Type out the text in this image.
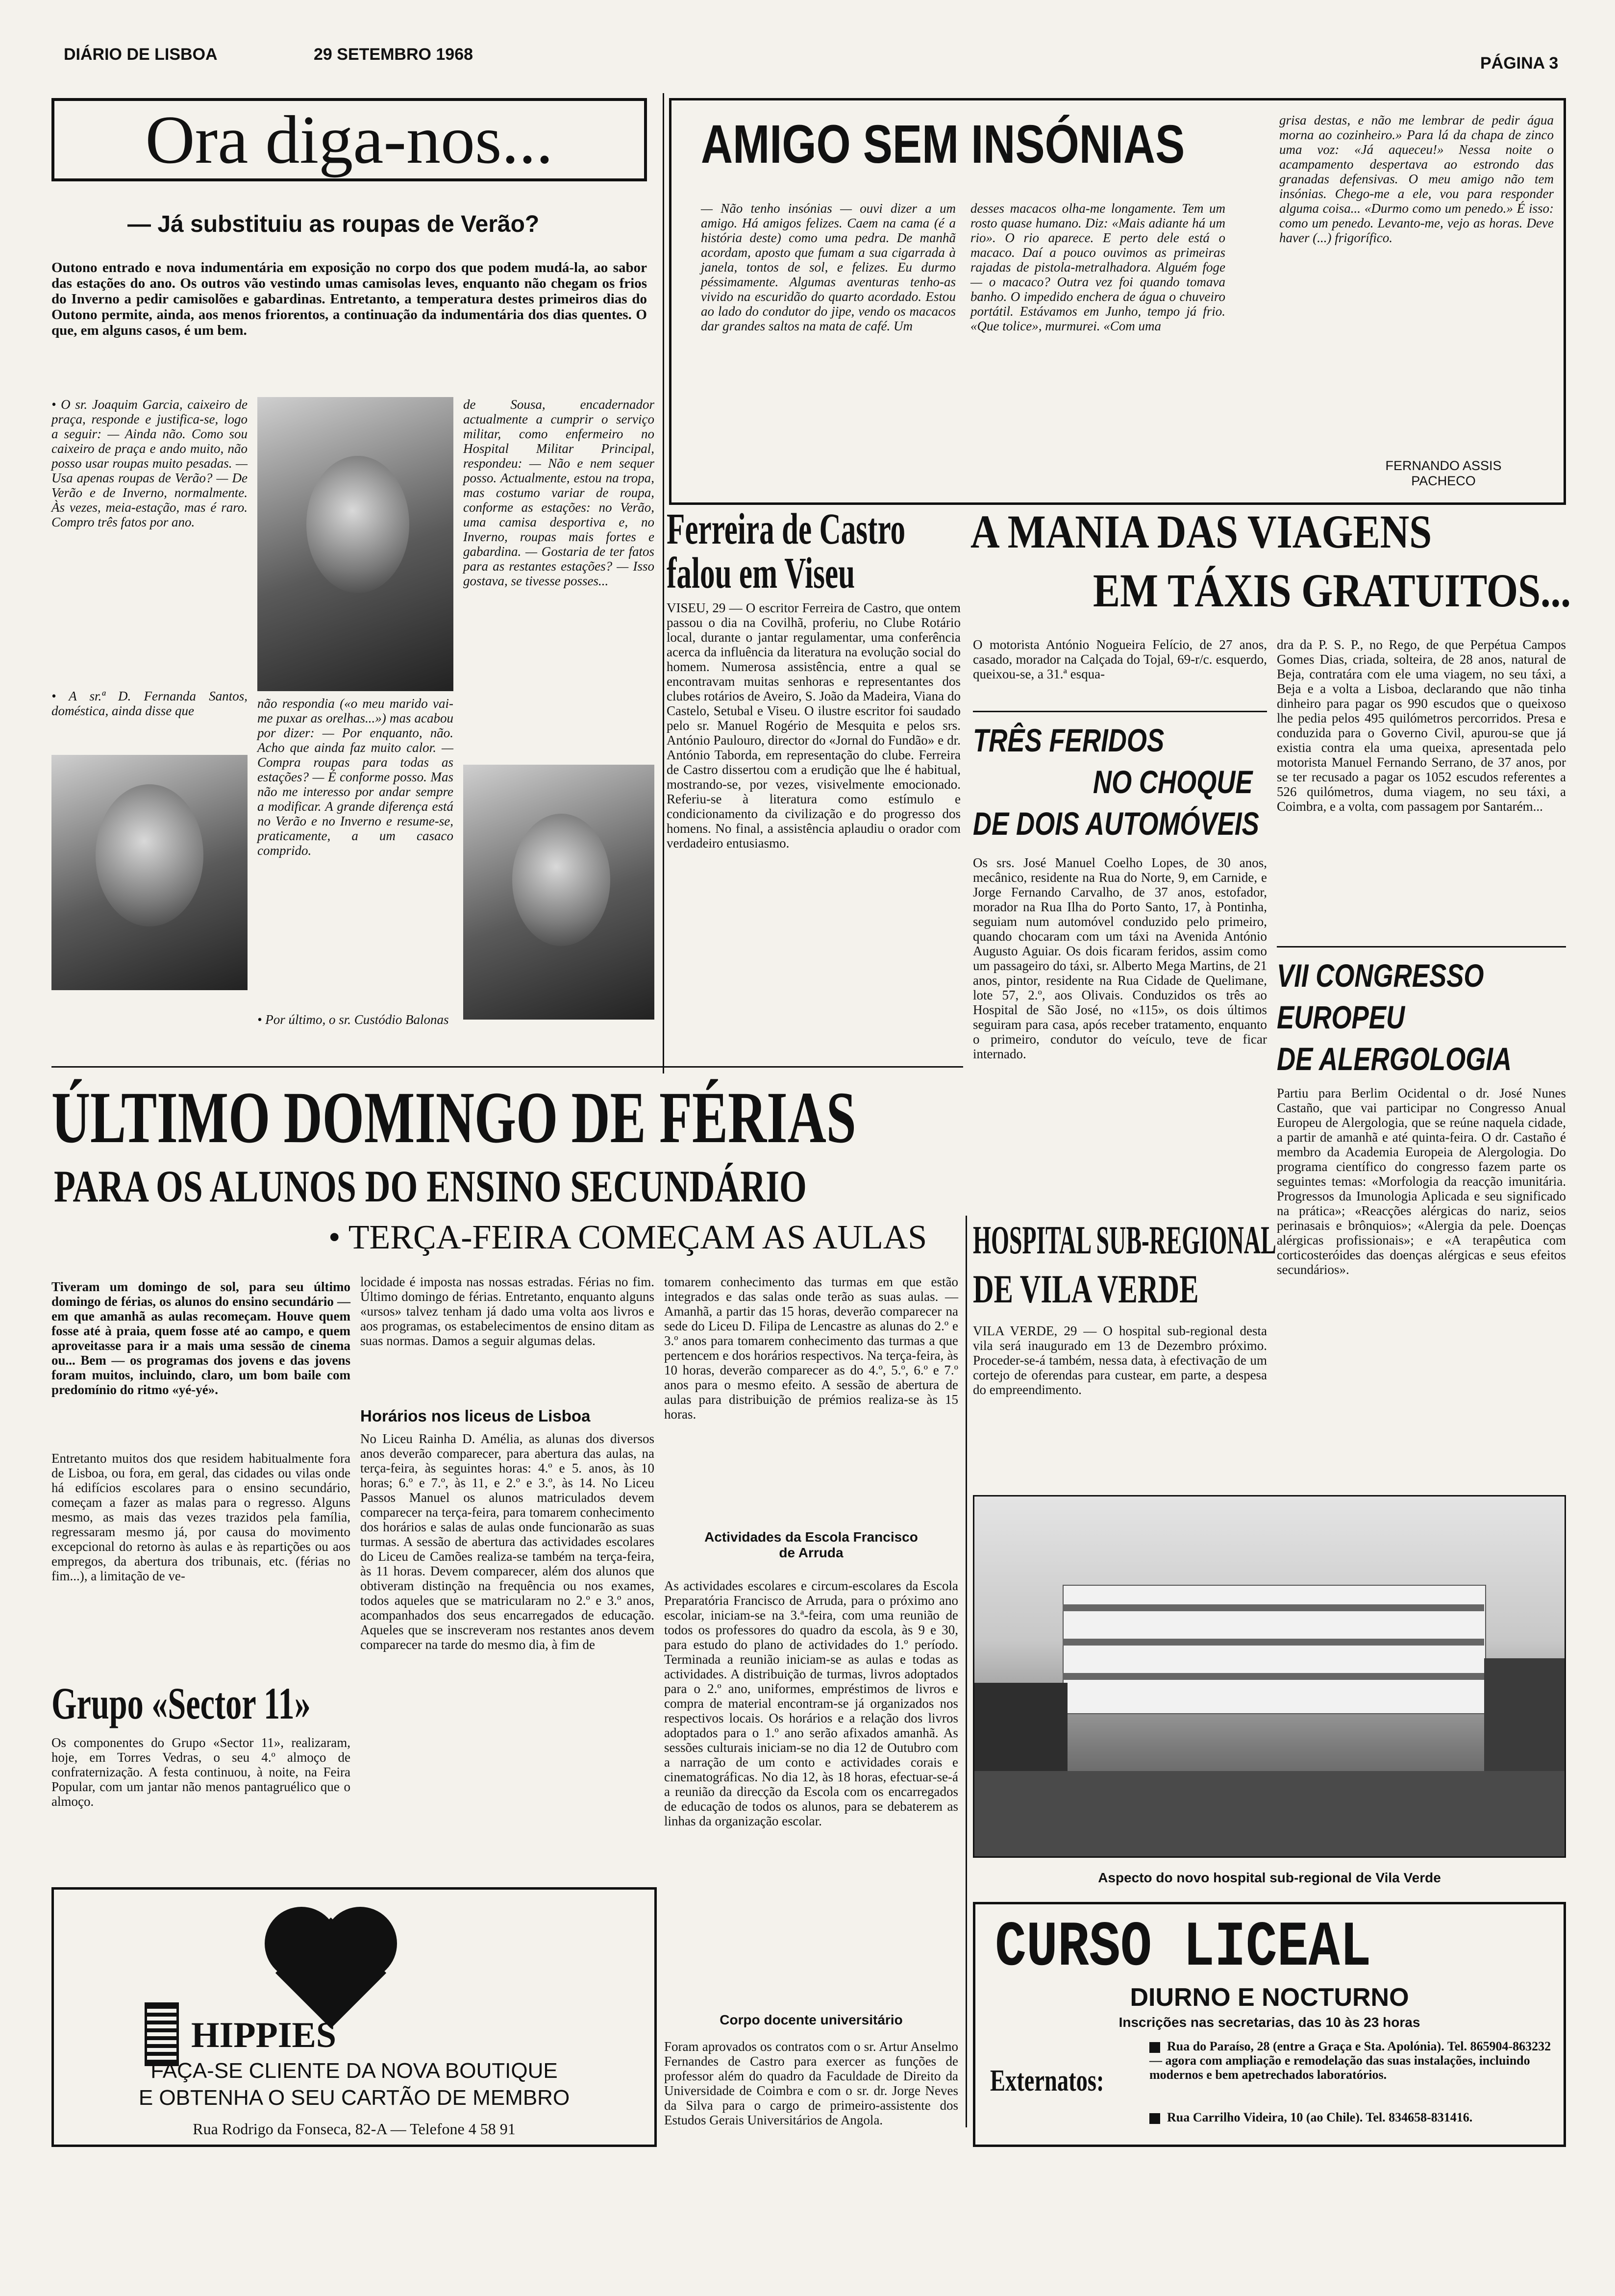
DIÁRIO DE LISBOA	29 SETEMBRO 1968	PÁGINA 3
Ora diga-nos...
— Já substituiu as roupas de Verão?
Outono entrado e nova indumentária em exposição no corpo dos que podem mudá-la, ao sabor das estações do ano. Os outros vão vestindo umas camisolas leves, enquanto não chegam os frios do Inverno a pedir camisolões e gabardinas. Entretanto, a temperatura destes primeiros dias do Outono permite, ainda, aos menos friorentos, a continuação da indumentária dos dias quentes. O que, em alguns casos, é um bem.
• O sr. Joaquim Garcia, caixeiro de praça, responde e justifica-se, logo a seguir: — Ainda não. Como sou caixeiro de praça e ando muito, não posso usar roupas muito pesadas. — Usa apenas roupas de Verão? — De Verão e de Inverno, normalmente. Às vezes, meia-estação, mas é raro. Compro três fatos por ano.
• A sr.ª D. Fernanda Santos, doméstica, ainda disse que	não respondia («o meu marido vai-me puxar as orelhas...») mas acabou por dizer: — Por enquanto, não. Acho que ainda faz muito calor. — Compra roupas para todas as estações? — É conforme posso. Mas não me interesso por andar sempre a modificar. A grande diferença está no Verão e no Inverno e resume-se, praticamente, a um casaco comprido.
• Por último, o sr. Custódio Balonas
de Sousa, encadernador actualmente a cumprir o serviço militar, como enfermeiro no Hospital Militar Principal, respondeu: — Não e nem sequer posso. Actualmente, estou na tropa, mas costumo variar de roupa, conforme as estações: no Verão, uma camisa desportiva e, no Inverno, roupas mais fortes e gabardina. — Gostaria de ter fatos para as restantes estações? — Isso gostava, se tivesse posses...
AMIGO SEM INSÓNIAS
— Não tenho insónias — ouvi dizer a um amigo. Há amigos felizes. Caem na cama (é a história deste) como uma pedra. De manhã acordam, aposto que fumam a sua cigarrada à janela, tontos de sol, e felizes. Eu durmo péssimamente. Algumas aventuras tenho-as vivido na escuridão do quarto acordado. Estou ao lado do condutor do jipe, vendo os macacos dar grandes saltos na mata de café. Um
desses macacos olha-me longamente. Tem um rosto quase humano. Diz: «Mais adiante há um rio». O rio aparece. E perto dele está o macaco. Daí a pouco ouvimos as primeiras rajadas de pistola-metralhadora. Alguém foge — o macaco? Outra vez foi quando tomava banho. O impedido enchera de água o chuveiro portátil. Estávamos em Junho, tempo já frio. «Que tolice», murmurei. «Com uma
grisa destas, e não me lembrar de pedir água morna ao cozinheiro.» Para lá da chapa de zinco uma voz: «Já aqueceu!» Nessa noite o acampamento despertava ao estrondo das granadas defensivas. O meu amigo não tem insónias. Chego-me a ele, vou para responder alguma coisa... «Durmo como um penedo.» É isso: como um penedo. Levanto-me, vejo as horas. Deve haver (...) frigorífico.
FERNANDO ASSIS PACHECO
Ferreira de Castro
falou em Viseu
VISEU, 29 — O escritor Ferreira de Castro, que ontem passou o dia na Covilhã, proferiu, no Clube Rotário local, durante o jantar regulamentar, uma conferência acerca da influência da literatura na evolução social do homem. Numerosa assistência, entre a qual se encontravam muitas senhoras e representantes dos clubes rotários de Aveiro, S. João da Madeira, Viana do Castelo, Setubal e Viseu. O ilustre escritor foi saudado pelo sr. Manuel Rogério de Mesquita e pelos srs. António Paulouro, director do «Jornal do Fundão» e dr. António Taborda, em representação do clube. Ferreira de Castro dissertou com a erudição que lhe é habitual, mostrando-se, por vezes, visivelmente emocionado. Referiu-se à literatura como estímulo e condicionamento da civilização e do progresso dos homens. No final, a assistência aplaudiu o orador com verdadeiro entusiasmo.
A MANIA DAS VIAGENS
EM TÁXIS GRATUITOS...
O motorista António Nogueira Felício, de 27 anos, casado, morador na Calçada do Tojal, 69-r/c. esquerdo, queixou-se, a 31.ª esqua-
dra da P. S. P., no Rego, de que Perpétua Campos Gomes Dias, criada, solteira, de 28 anos, natural de Beja, contratára com ele uma viagem, no seu táxi, a Beja e a volta a Lisboa, declarando que não tinha dinheiro para pagar os 990 escudos que o queixoso lhe pedia pelos 495 quilómetros percorridos. Presa e conduzida para o Governo Civil, apurou-se que já existia contra ela uma queixa, apresentada pelo motorista Manuel Fernando Serrano, de 37 anos, por se ter recusado a pagar os 1052 escudos referentes a 526 quilómetros, duma viagem, no seu táxi, a Coimbra, e a volta, com passagem por Santarém...
TRÊS FERIDOS
NO CHOQUE
DE DOIS AUTOMÓVEIS
Os srs. José Manuel Coelho Lopes, de 30 anos, mecânico, residente na Rua do Norte, 9, em Carnide, e Jorge Fernando Carvalho, de 37 anos, estofador, morador na Rua Ilha do Porto Santo, 17, à Pontinha, seguiam num automóvel conduzido pelo primeiro, quando chocaram com um táxi na Avenida António Augusto Aguiar. Os dois ficaram feridos, assim como um passageiro do táxi, sr. Alberto Mega Martins, de 21 anos, pintor, residente na Rua Cidade de Quelimane, lote 57, 2.º, aos Olivais. Conduzidos os três ao Hospital de São José, no «115», os dois últimos seguiram para casa, após receber tratamento, enquanto o primeiro, condutor do veículo, teve de ficar internado.
VII CONGRESSO
EUROPEU
DE ALERGOLOGIA
Partiu para Berlim Ocidental o dr. José Nunes Castaño, que vai participar no Congresso Anual Europeu de Alergologia, que se reúne naquela cidade, a partir de amanhã e até quinta-feira. O dr. Castaño é membro da Academia Europeia de Alergologia. Do programa científico do congresso fazem parte os seguintes temas: «Morfologia da reacção imunitária. Progressos da Imunologia Aplicada e seu significado na prática»; «Reacções alérgicas do nariz, seios perinasais e brônquios»; «Alergia da pele. Doenças alérgicas profissionais»; e «A terapêutica com corticosteróides das doenças alérgicas e seus efeitos secundários».
ÚLTIMO DOMINGO DE FÉRIAS
PARA OS ALUNOS DO ENSINO SECUNDÁRIO
• TERÇA-FEIRA COMEÇAM AS AULAS
Tiveram um domingo de sol, para seu último domingo de férias, os alunos do ensino secundário — em que amanhã as aulas recomeçam. Houve quem fosse até à praia, quem fosse até ao campo, e quem aproveitasse para ir a mais uma sessão de cinema ou... Bem — os programas dos jovens e das jovens foram muitos, incluindo, claro, um bom baile com predomínio do ritmo «yé-yé».
Entretanto muitos dos que residem habitualmente fora de Lisboa, ou fora, em geral, das cidades ou vilas onde há edifícios escolares para o ensino secundário, começam a fazer as malas para o regresso. Alguns mesmo, as mais das vezes trazidos pela família, regressaram mesmo já, por causa do movimento excepcional do retorno às aulas e às repartições ou aos empregos, da abertura dos tribunais, etc. (férias no fim...), a limitação de ve-
locidade é imposta nas nossas estradas. Férias no fim. Último domingo de férias. Entretanto, enquanto alguns «ursos» talvez tenham já dado uma volta aos livros e aos programas, os estabelecimentos de ensino ditam as suas normas. Damos a seguir algumas delas.
Horários nos liceus de Lisboa
No Liceu Rainha D. Amélia, as alunas dos diversos anos deverão comparecer, para abertura das aulas, na terça-feira, às seguintes horas: 4.º e 5. anos, às 10 horas; 6.º e 7.º, às 11, e 2.º e 3.º, às 14. No Liceu Passos Manuel os alunos matriculados devem comparecer na terça-feira, para tomarem conhecimento dos horários e salas de aulas onde funcionarão as suas turmas. A sessão de abertura das actividades escolares do Liceu de Camões realiza-se também na terça-feira, às 11 horas. Devem comparecer, além dos alunos que obtiveram distinção na frequência ou nos exames, todos aqueles que se matricularam no 2.º e 3.º anos, acompanhados dos seus encarregados de educação. Aqueles que se inscreveram nos restantes anos devem comparecer na tarde do mesmo dia, à fim de
tomarem conhecimento das turmas em que estão integrados e das salas onde terão as suas aulas. — Amanhã, a partir das 15 horas, deverão comparecer na sede do Liceu D. Filipa de Lencastre as alunas do 2.º e 3.º anos para tomarem conhecimento das turmas a que pertencem e dos horários respectivos. Na terça-feira, às 10 horas, deverão comparecer as do 4.º, 5.º, 6.º e 7.º anos para o mesmo efeito. A sessão de abertura de aulas para distribuição de prémios realiza-se às 15 horas.
Actividades da Escola Francisco de Arruda
As actividades escolares e circum-escolares da Escola Preparatória Francisco de Arruda, para o próximo ano escolar, iniciam-se na 3.ª-feira, com uma reunião de todos os professores do quadro da escola, às 9 e 30, para estudo do plano de actividades do 1.º período. Terminada a reunião iniciam-se as aulas e todas as actividades. A distribuição de turmas, livros adoptados para o 2.º ano, uniformes, empréstimos de livros e compra de material encontram-se já organizados nos respectivos locais. Os horários e a relação dos livros adoptados para o 1.º ano serão afixados amanhã. As sessões culturais iniciam-se no dia 12 de Outubro com a narração de um conto e actividades corais e cinematográficas. No dia 12, às 18 horas, efectuar-se-á a reunião da direcção da Escola com os encarregados de educação de todos os alunos, para se debaterem as linhas da organização escolar.
Corpo docente universitário
Foram aprovados os contratos com o sr. Artur Anselmo Fernandes de Castro para exercer as funções de professor além do quadro da Faculdade de Direito da Universidade de Coimbra e com o sr. dr. Jorge Neves da Silva para o cargo de primeiro-assistente dos Estudos Gerais Universitários de Angola.
HOSPITAL SUB-REGIONAL
DE VILA VERDE
VILA VERDE, 29 — O hospital sub-regional desta vila será inaugurado em 13 de Dezembro próximo. Proceder-se-á também, nessa data, à efectivação de um cortejo de oferendas para custear, em parte, a despesa do empreendimento.
Aspecto do novo hospital sub-regional de Vila Verde
Grupo «Sector 11»
Os componentes do Grupo «Sector 11», realizaram, hoje, em Torres Vedras, o seu 4.º almoço de confraternização. A festa continuou, à noite, na Feira Popular, com um jantar não menos pantagruélico que o almoço.
HIPPIES
FAÇA-SE CLIENTE DA NOVA BOUTIQUE
E OBTENHA O SEU CARTÃO DE MEMBRO
Rua Rodrigo da Fonseca, 82-A — Telefone 4 58 91
CURSO LICEAL
DIURNO E NOCTURNO
Inscrições nas secretarias, das 10 às 23 horas
Externatos:
Rua do Paraíso, 28 (entre a Graça e Sta. Apolónia). Tel. 865904-863232 — agora com ampliação e remodelação das suas instalações, incluindo modernos e bem apetrechados laboratórios.
Rua Carrilho Videira, 10 (ao Chile). Tel. 834658-831416.
